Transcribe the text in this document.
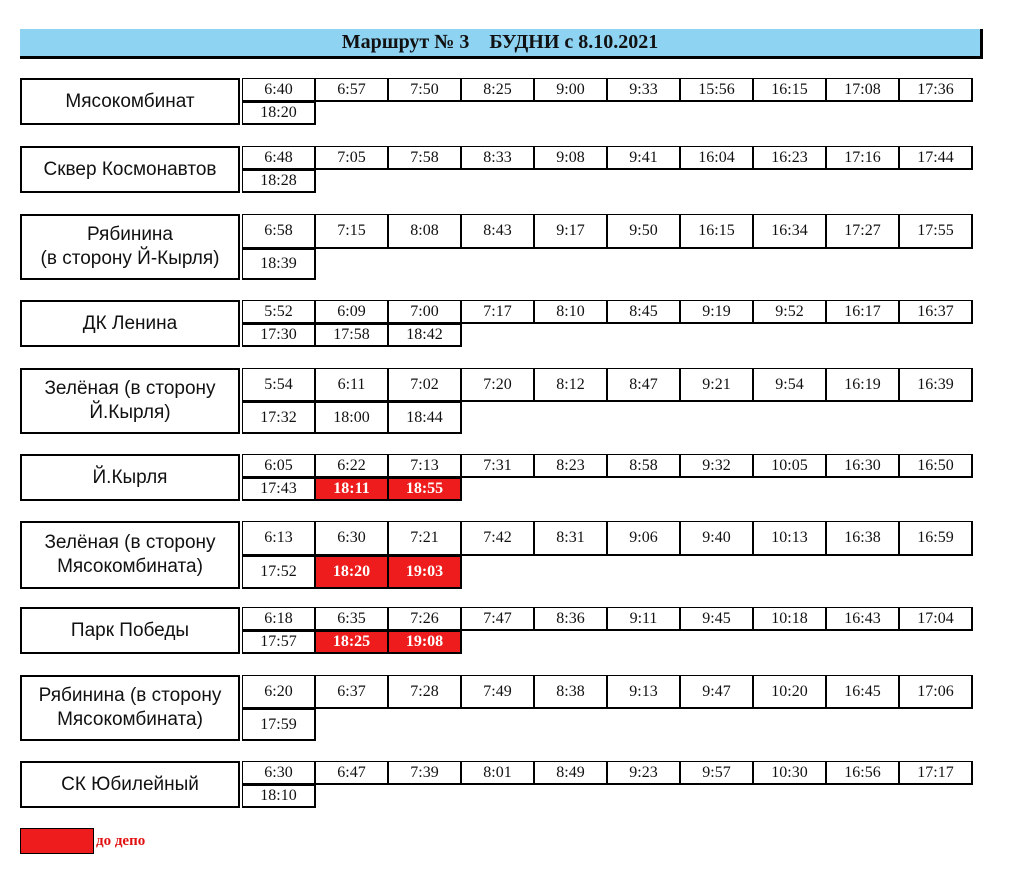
Маршрут № 3
БУДНИ с 8.10.2021
Мясокомбинат
6:40	6:57	7:50	8:25	9:00	9:33	15:56	16:15	17:08	17:36
18:20
Сквер Космонавтов
6:48	7:05	7:58	8:33	9:08	9:41	16:04	16:23	17:16	17:44
18:28
Рябинина
(в сторону Й-Кырля)
6:58	7:15	8:08	8:43	9:17	9:50	16:15	16:34	17:27	17:55
18:39
ДК Ленина
5:52	6:09	7:00	7:17	8:10	8:45	9:19	9:52	16:17	16:37
17:30	17:58	18:42
Зелёная (в сторону
Й.Кырля)
5:54	6:11	7:02	7:20	8:12	8:47	9:21	9:54	16:19	16:39
17:32	18:00	18:44
Й.Кырля
6:05	6:22	7:13	7:31	8:23	8:58	9:32	10:05	16:30	16:50
17:43	18:11	18:55
Зелёная (в сторону
Мясокомбината)
6:13	6:30	7:21	7:42	8:31	9:06	9:40	10:13	16:38	16:59
17:52	18:20	19:03
Парк Победы
6:18	6:35	7:26	7:47	8:36	9:11	9:45	10:18	16:43	17:04
17:57	18:25	19:08
Рябинина (в сторону
Мясокомбината)
6:20	6:37	7:28	7:49	8:38	9:13	9:47	10:20	16:45	17:06
17:59
СК Юбилейный
6:30	6:47	7:39	8:01	8:49	9:23	9:57	10:30	16:56	17:17
18:10
до депо
